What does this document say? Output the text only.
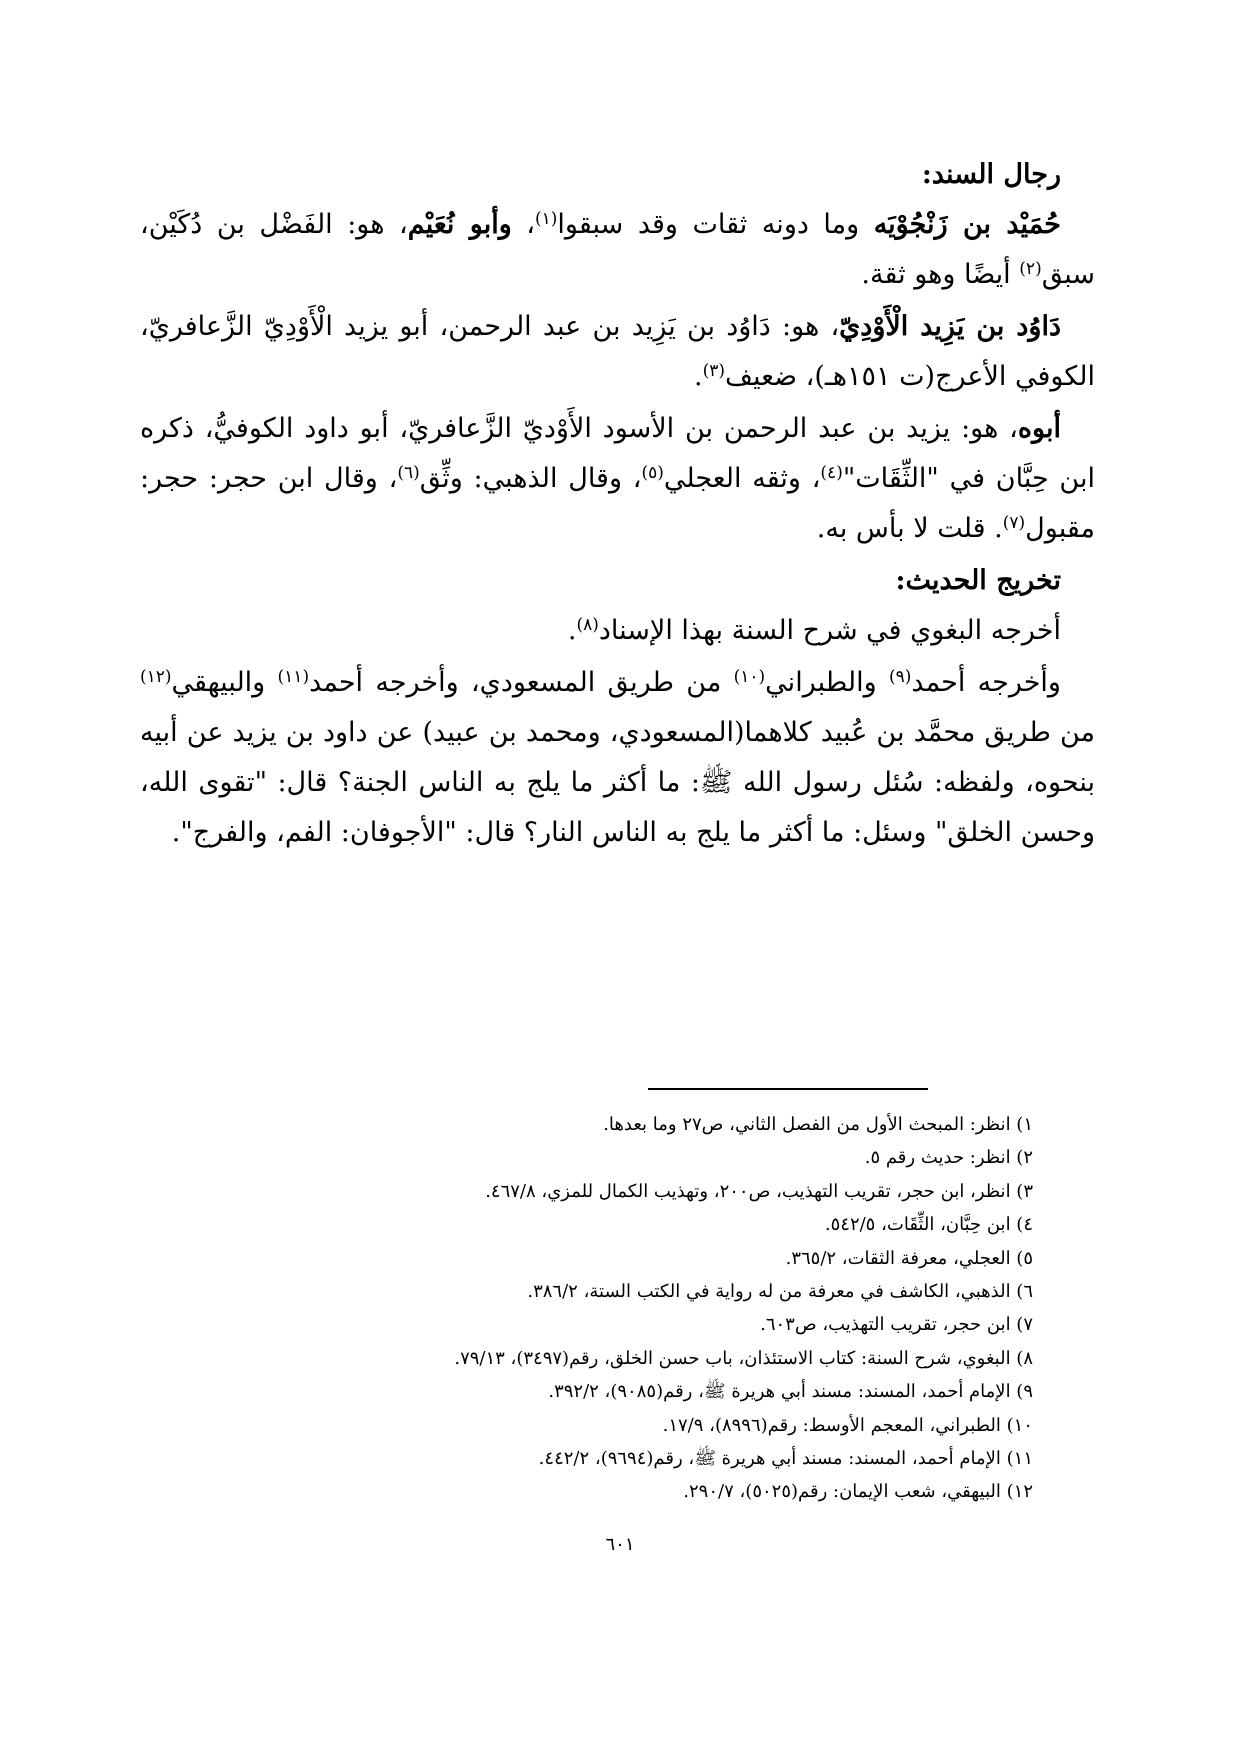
رجال السند:

حُمَيْد بن زَنْجُوْيَه وما دونه ثقات وقد سبقوا$^{(١)}$، وأبو نُعَيْم، هو: الفَضْل بن دُكَيْن، سبق$^{(٢)}$ أيضًا وهو ثقة.

دَاوُد بن يَزِيد الْأَوْدِيّ، هو: دَاوُد بن يَزِيد بن عبد الرحمن، أبو يزيد الْأَوْدِيّ الزَّعافريّ، الكوفي الأعرج(ت ١٥١هـ)، ضعيف$^{(٣)}$.

أبوه، هو: يزيد بن عبد الرحمن بن الأسود الأَوْديّ الزَّعافريّ، أبو داود الكوفيُّ، ذكره ابن حِبَّان في "الثِّقَات"$^{(٤)}$، وثقه العجلي$^{(٥)}$، وقال الذهبي: وثِّق$^{(٦)}$، وقال ابن حجر: حجر: مقبول$^{(٧)}$. قلت لا بأس به.

تخريج الحديث:

أخرجه البغوي في شرح السنة بهذا الإسناد$^{(٨)}$.

وأخرجه أحمد$^{(٩)}$ والطبراني$^{(١٠)}$ من طريق المسعودي، وأخرجه أحمد$^{(١١)}$ والبيهقي$^{(١٢)}$ من طريق محمَّد بن عُبيد كلاهما(المسعودي، ومحمد بن عبيد) عن داود بن يزيد عن أبيه بنحوه، ولفظه: سُئل رسول الله ﷺ: ما أكثر ما يلج به الناس الجنة؟ قال: "تقوى الله، وحسن الخلق" وسئل: ما أكثر ما يلج به الناس النار؟ قال: "الأجوفان: الفم، والفرج".

١) انظر: المبحث الأول من الفصل الثاني، ص٢٧ وما بعدها.
٢) انظر: حديث رقم ٥.
٣) انظر، ابن حجر، تقريب التهذيب، ص٢٠٠، وتهذيب الكمال للمزي، ٤٦٧/٨.
٤) ابن حِبَّان، الثِّقَات، ٥٤٢/٥.
٥) العجلي، معرفة الثقات، ٣٦٥/٢.
٦) الذهبي، الكاشف في معرفة من له رواية في الكتب الستة، ٣٨٦/٢.
٧) ابن حجر، تقريب التهذيب، ص٦٠٣.
٨) البغوي، شرح السنة: كتاب الاستئذان، باب حسن الخلق، رقم(٣٤٩٧)، ٧٩/١٣.
٩) الإمام أحمد، المسند: مسند أبي هريرة ﷺ، رقم(٩٠٨٥)، ٣٩٢/٢.
١٠) الطبراني، المعجم الأوسط: رقم(٨٩٩٦)، ١٧/٩.
١١) الإمام أحمد، المسند: مسند أبي هريرة ﷺ، رقم(٩٦٩٤)، ٤٤٢/٢.
١٢) البيهقي، شعب الإيمان: رقم(٥٠٢٥)، ٢٩٠/٧.
٦٠١
